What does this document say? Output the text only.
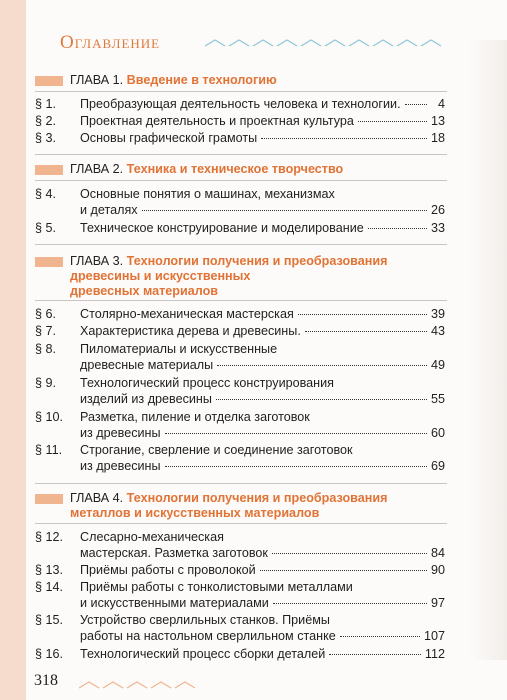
Оглавление
ГЛАВА 1. Введение в технологию
§ 1.	Преобразующая деятельность человека и технологии.	4
§ 2.	Проектная деятельность и проектная культура	13
§ 3.	Основы графической грамоты	18
ГЛАВА 2. Техника и техническое творчество
§ 4.	Основные понятия о машинах, механизмах
и деталях	26
§ 5.	Техническое конструирование и моделирование	33
ГЛАВА 3. Технологии получения и преобразования
древесины и искусственных
древесных материалов
§ 6.	Столярно-механическая мастерская	39
§ 7.	Характеристика дерева и древесины.	43
§ 8.	Пиломатериалы и искусственные
древесные материалы	49
§ 9.	Технологический процесс конструирования
изделий из древесины	55
§ 10.	Разметка, пиление и отделка заготовок
из древесины	60
§ 11.	Строгание, сверление и соединение заготовок
из древесины	69
ГЛАВА 4. Технологии получения и преобразования
металлов и искусственных материалов
§ 12.	Слесарно-механическая
мастерская. Разметка заготовок	84
§ 13.	Приёмы работы с проволокой	90
§ 14.	Приёмы работы с тонколистовыми металлами
и искусственными материалами	97
§ 15.	Устройство сверлильных станков. Приёмы
работы на настольном сверлильном станке	107
§ 16.	Технологический процесс сборки деталей	112
318
